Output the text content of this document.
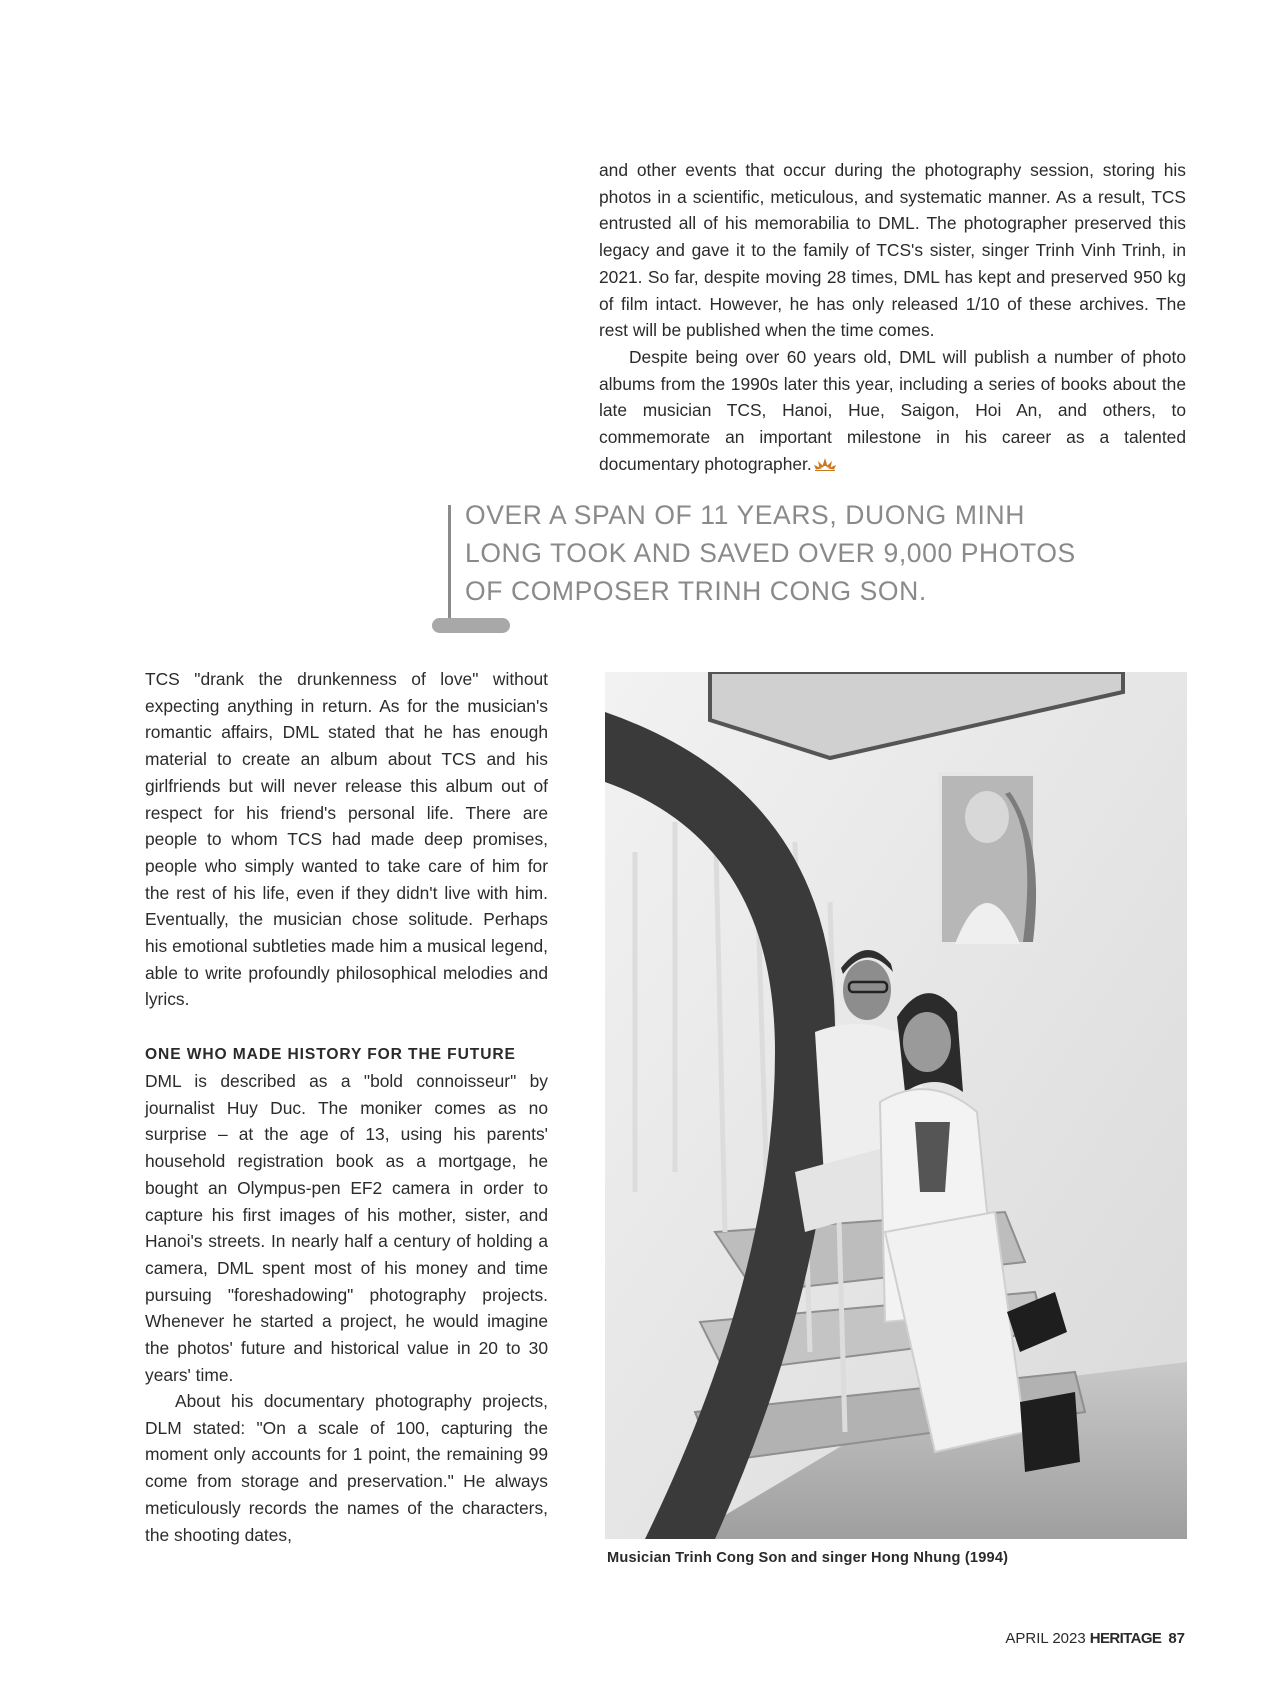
and other events that occur during the photography session, storing his photos in a scientific, meticulous, and systematic manner. As a result, TCS entrusted all of his memorabilia to DML. The photographer preserved this legacy and gave it to the family of TCS's sister, singer Trinh Vinh Trinh, in 2021. So far, despite moving 28 times, DML has kept and preserved 950 kg of film intact. However, he has only released 1/10 of these archives. The rest will be published when the time comes.

Despite being over 60 years old, DML will publish a number of photo albums from the 1990s later this year, including a series of books about the late musician TCS, Hanoi, Hue, Saigon, Hoi An, and others, to commemorate an important milestone in his career as a talented documentary photographer.

OVER A SPAN OF 11 YEARS, DUONG MINH LONG TOOK AND SAVED OVER 9,000 PHOTOS OF COMPOSER TRINH CONG SON.

TCS "drank the drunkenness of love" without expecting anything in return. As for the musician's romantic affairs, DML stated that he has enough material to create an album about TCS and his girlfriends but will never release this album out of respect for his friend's personal life. There are people to whom TCS had made deep promises, people who simply wanted to take care of him for the rest of his life, even if they didn't live with him. Eventually, the musician chose solitude. Perhaps his emotional subtleties made him a musical legend, able to write profoundly philosophical melodies and lyrics.

ONE WHO MADE HISTORY FOR THE FUTURE

DML is described as a "bold connoisseur" by journalist Huy Duc. The moniker comes as no surprise – at the age of 13, using his parents' household registration book as a mortgage, he bought an Olympus-pen EF2 camera in order to capture his first images of his mother, sister, and Hanoi's streets. In nearly half a century of holding a camera, DML spent most of his money and time pursuing "foreshadowing" photography projects. Whenever he started a project, he would imagine the photos' future and historical value in 20 to 30 years' time.

About his documentary photography projects, DLM stated: "On a scale of 100, capturing the moment only accounts for 1 point, the remaining 99 come from storage and preservation." He always meticulously records the names of the characters, the shooting dates,

Musician Trinh Cong Son and singer Hong Nhung (1994)
APRIL 2023 HERITAGE 87
